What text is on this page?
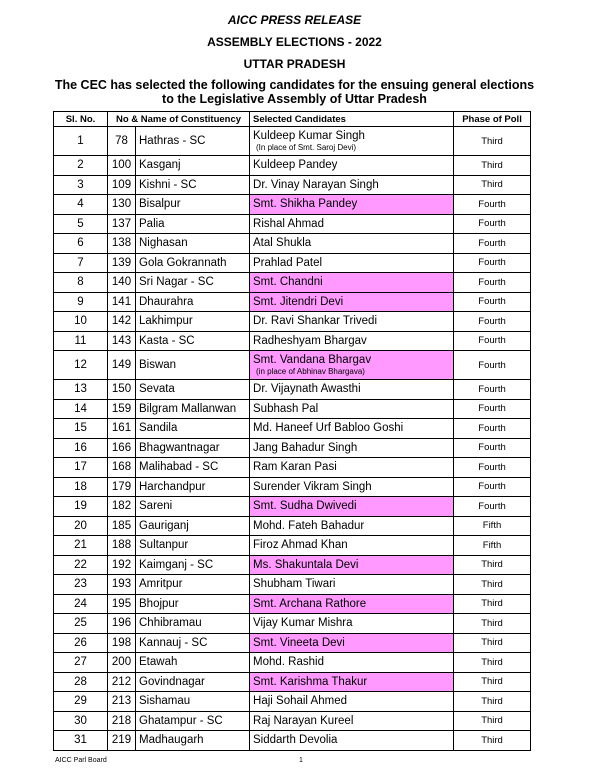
AICC PRESS RELEASE
ASSEMBLY ELECTIONS - 2022
UTTAR PRADESH
The CEC has selected the following candidates for the ensuing general elections
to the Legislative Assembly of Uttar Pradesh
Sl. No.	No & Name of Constituency		Selected Candidates	Phase of Poll
1	78	Hathras - SC	Kuldeep Kumar Singh
(In place of Smt. Saroj Devi)	Third
2	100	Kasganj	Kuldeep Pandey	Third
3	109	Kishni - SC	Dr. Vinay Narayan Singh	Third
4	130	Bisalpur	Smt. Shikha Pandey	Fourth
5	137	Palia	Rishal Ahmad	Fourth
6	138	Nighasan	Atal Shukla	Fourth
7	139	Gola Gokrannath	Prahlad Patel	Fourth
8	140	Sri Nagar - SC	Smt. Chandni	Fourth
9	141	Dhaurahra	Smt. Jitendri Devi	Fourth
10	142	Lakhimpur	Dr. Ravi Shankar Trivedi	Fourth
11	143	Kasta - SC	Radheshyam Bhargav	Fourth
12	149	Biswan	Smt. Vandana Bhargav
(in place of Abhinav Bhargava)	Fourth
13	150	Sevata	Dr. Vijaynath Awasthi	Fourth
14	159	Bilgram Mallanwan	Subhash Pal	Fourth
15	161	Sandila	Md. Haneef Urf Babloo Goshi	Fourth
16	166	Bhagwantnagar	Jang Bahadur Singh	Fourth
17	168	Malihabad - SC	Ram Karan Pasi	Fourth
18	179	Harchandpur	Surender Vikram Singh	Fourth
19	182	Sareni	Smt. Sudha Dwivedi	Fourth
20	185	Gauriganj	Mohd. Fateh Bahadur	Fifth
21	188	Sultanpur	Firoz Ahmad Khan	Fifth
22	192	Kaimganj - SC	Ms. Shakuntala Devi	Third
23	193	Amritpur	Shubham Tiwari	Third
24	195	Bhojpur	Smt. Archana Rathore	Third
25	196	Chhibramau	Vijay Kumar Mishra	Third
26	198	Kannauj - SC	Smt. Vineeta Devi	Third
27	200	Etawah	Mohd. Rashid	Third
28	212	Govindnagar	Smt. Karishma Thakur	Third
29	213	Sishamau	Haji Sohail Ahmed	Third
30	218	Ghatampur - SC	Raj Narayan Kureel	Third
31	219	Madhaugarh	Siddarth Devolia	Third
AICC Parl Board	1
